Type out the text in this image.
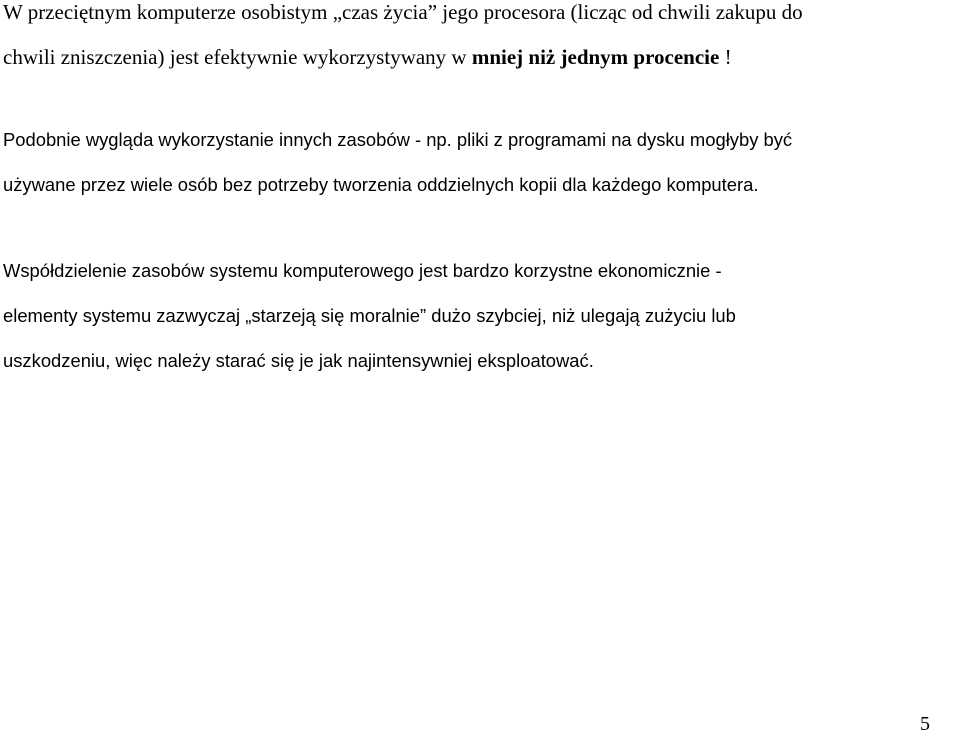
W przeciętnym komputerze osobistym „czas życia” jego procesora (licząc od chwili zakupu do
chwili zniszczenia) jest efektywnie wykorzystywany w mniej niż jednym procencie !
Podobnie wygląda wykorzystanie innych zasobów - np. pliki z programami na dysku mogłyby być
używane przez wiele osób bez potrzeby tworzenia oddzielnych kopii dla każdego komputera.
Współdzielenie zasobów systemu komputerowego jest bardzo korzystne ekonomicznie -
elementy systemu zazwyczaj „starzeją się moralnie” dużo szybciej, niż ulegają zużyciu lub
uszkodzeniu, więc należy starać się je jak najintensywniej eksploatować.
5
